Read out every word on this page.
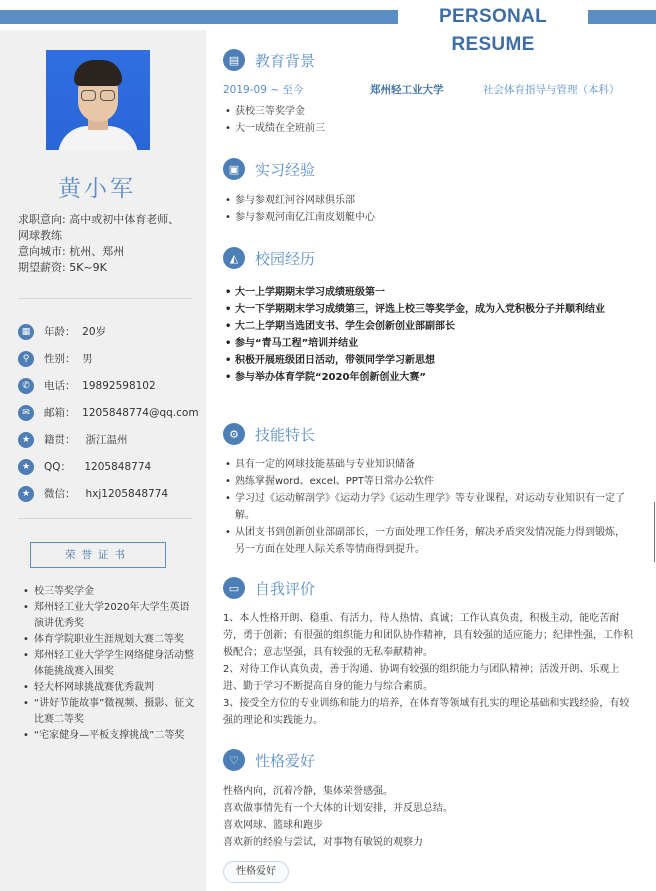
PERSONAL RESUME
黄小军
求职意向: 高中或初中体育老师、
网球教练
意向城市: 杭州、郑州
期望薪资: 5K~9K
▦	年龄：  20岁
⚲	性别：  男
✆	电话：  19892598102
✉	邮箱：  1205848774@qq.com
★	籍贯：   浙江温州
★	QQ：    1205848774
★	微信：   hxj1205848774
荣誉证书
• 校三等奖学金
• 郑州轻工业大学2020年大学生英语演讲优秀奖
• 体育学院职业生涯规划大赛二等奖
• 郑州轻工业大学学生网络健身活动整体能挑战赛入围奖
• 轻大杯网球挑战赛优秀裁判
• “讲好节能故事”微视频、摄影、征文比赛二等奖
• “宅家健身—平板支撑挑战”二等奖
▤	教育背景
2019-09 ~ 至今	郑州轻工业大学	社会体育指导与管理（本科）
• 获校三等奖学金
• 大一成绩在全班前三
▣	实习经验
• 参与参观红河谷网球俱乐部
• 参与参观河南亿江南皮划艇中心
◭	校园经历
• 大一上学期期末学习成绩班级第一
• 大一下学期期末学习成绩第三，评选上校三等奖学金，成为入党积极分子并顺利结业
• 大二上学期当选团支书、学生会创新创业部副部长
• 参与“青马工程”培训并结业
• 积极开展班级团日活动，带领同学学习新思想
• 参与举办体育学院“2020年创新创业大赛”
⚙	技能特长
• 具有一定的网球技能基础与专业知识储备
• 熟练掌握word、excel、PPT等日常办公软件
• 学习过《运动解剖学》《运动力学》《运动生理学》等专业课程，对运动专业知识有一定了解。
• 从团支书到创新创业部副部长，一方面处理工作任务，解决矛盾突发情况能力得到锻炼，另一方面在处理人际关系等情商得到提升。
▭	自我评价

1、本人性格开朗、稳重、有活力，待人热情、真诚；工作认真负责，积极主动，能吃苦耐劳，勇于创新；有很强的组织能力和团队协作精神，具有较强的适应能力；纪律性强，工作积极配合；意志坚强，具有较强的无私奉献精神。

2、对待工作认真负责，善于沟通、协调有较强的组织能力与团队精神；活泼开朗、乐观上进、勤于学习不断提高自身的能力与综合素质。

3、接受全方位的专业训练和能力的培养，在体育等领域有扎实的理论基础和实践经验，有较强的理论和实践能力。

♡	性格爱好

性格内向，沉着冷静，集体荣誉感强。

喜欢做事情先有一个大体的计划安排，并反思总结。

喜欢网球、篮球和跑步

喜欢新的经验与尝试，对事物有敏锐的观察力

性格爱好
